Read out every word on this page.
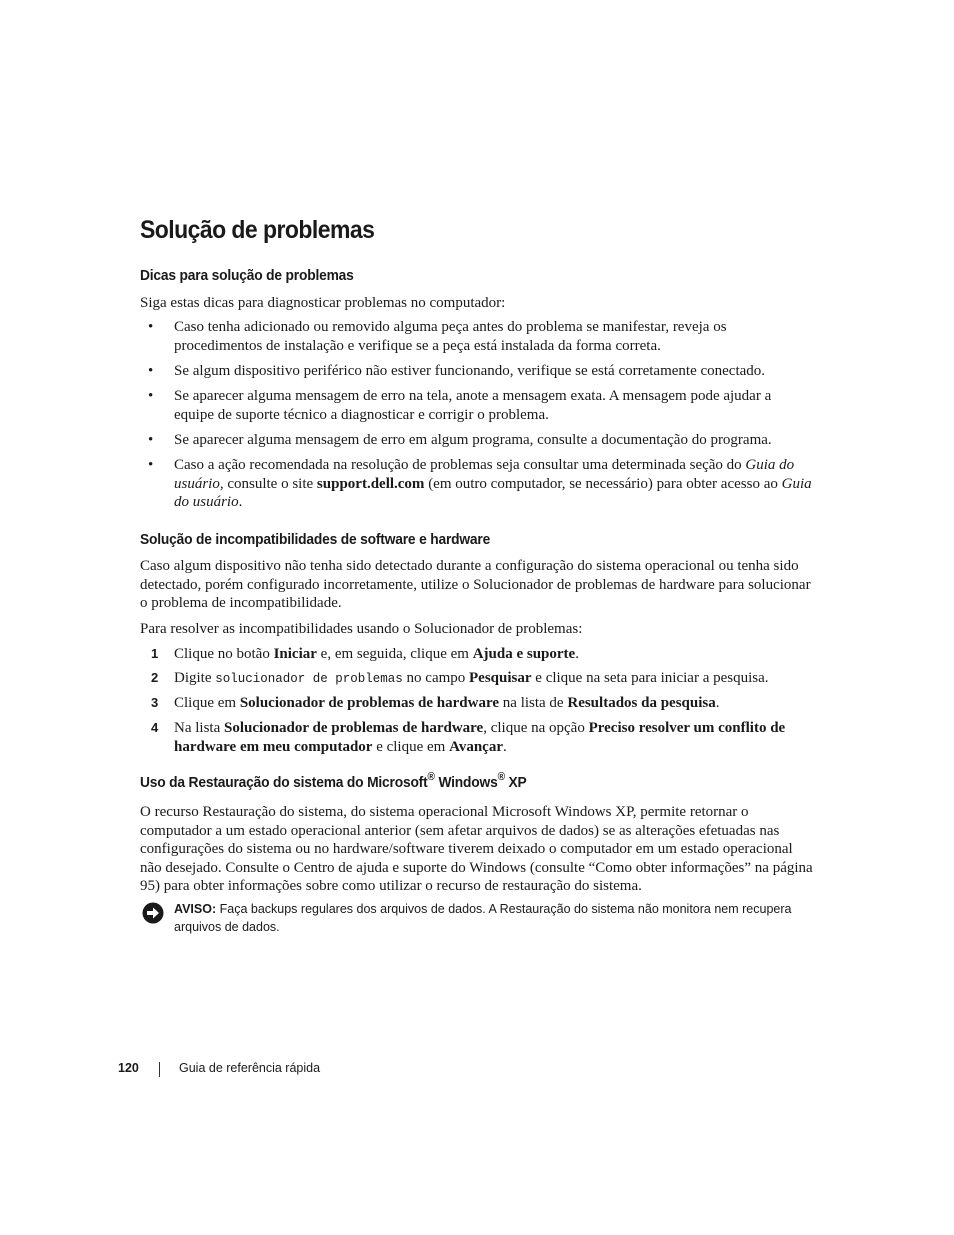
Solução de problemas
Dicas para solução de problemas

Siga estas dicas para diagnosticar problemas no computador:

• Caso tenha adicionado ou removido alguma peça antes do problema se manifestar, reveja os procedimentos de instalação e verifique se a peça está instalada da forma correta.
• Se algum dispositivo periférico não estiver funcionando, verifique se está corretamente conectado.
• Se aparecer alguma mensagem de erro na tela, anote a mensagem exata. A mensagem pode ajudar a equipe de suporte técnico a diagnosticar e corrigir o problema.
• Se aparecer alguma mensagem de erro em algum programa, consulte a documentação do programa.
• Caso a ação recomendada na resolução de problemas seja consultar uma determinada seção do Guia do usuário, consulte o site support.dell.com (em outro computador, se necessário) para obter acesso ao Guia do usuário.
Solução de incompatibilidades de software e hardware

Caso algum dispositivo não tenha sido detectado durante a configuração do sistema operacional ou tenha sido detectado, porém configurado incorretamente, utilize o Solucionador de problemas de hardware para solucionar o problema de incompatibilidade.

Para resolver as incompatibilidades usando o Solucionador de problemas:

1 Clique no botão Iniciar e, em seguida, clique em Ajuda e suporte.
2 Digite solucionador de problemas no campo Pesquisar e clique na seta para iniciar a pesquisa.
3 Clique em Solucionador de problemas de hardware na lista de Resultados da pesquisa.
4 Na lista Solucionador de problemas de hardware, clique na opção Preciso resolver um conflito de hardware em meu computador e clique em Avançar.
Uso da Restauração do sistema do Microsoft® Windows® XP

O recurso Restauração do sistema, do sistema operacional Microsoft Windows XP, permite retornar o computador a um estado operacional anterior (sem afetar arquivos de dados) se as alterações efetuadas nas configurações do sistema ou no hardware/software tiverem deixado o computador em um estado operacional não desejado. Consulte o Centro de ajuda e suporte do Windows (consulte “Como obter informações” na página 95) para obter informações sobre como utilizar o recurso de restauração do sistema.

AVISO: Faça backups regulares dos arquivos de dados. A Restauração do sistema não monitora nem recupera arquivos de dados.
120	Guia de referência rápida
